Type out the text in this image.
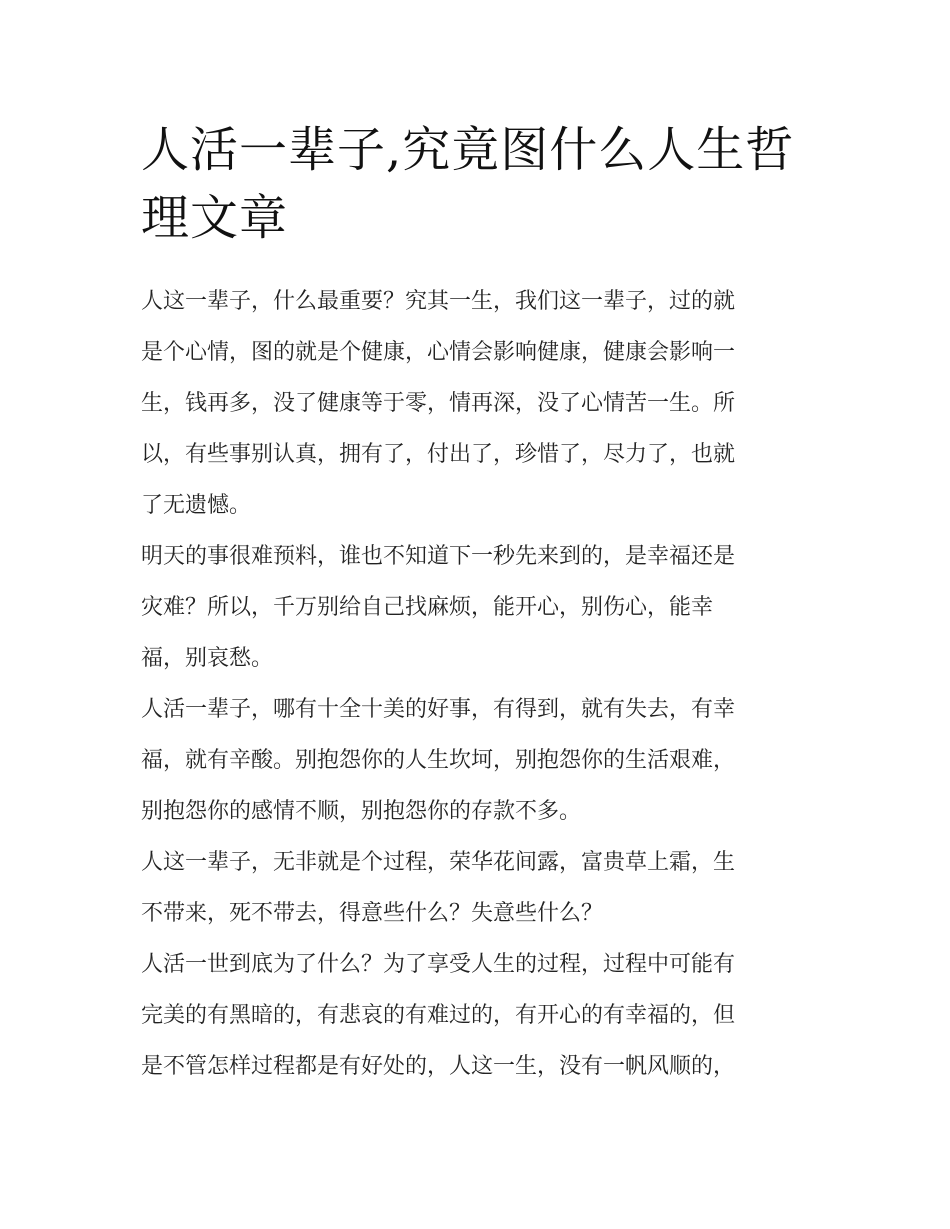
人活一辈子,究竟图什么人生哲
理文章

人这一辈子，什么最重要？究其一生，我们这一辈子，过的就
是个心情，图的就是个健康，心情会影响健康，健康会影响一
生，钱再多，没了健康等于零，情再深，没了心情苦一生。所
以，有些事别认真，拥有了，付出了，珍惜了，尽力了，也就
了无遗憾。

明天的事很难预料，谁也不知道下一秒先来到的，是幸福还是
灾难？所以，千万别给自己找麻烦，能开心，别伤心，能幸
福，别哀愁。

人活一辈子，哪有十全十美的好事，有得到，就有失去，有幸
福，就有辛酸。别抱怨你的人生坎坷，别抱怨你的生活艰难，
别抱怨你的感情不顺，别抱怨你的存款不多。

人这一辈子，无非就是个过程，荣华花间露，富贵草上霜，生
不带来，死不带去，得意些什么？失意些什么？

人活一世到底为了什么？为了享受人生的过程，过程中可能有
完美的有黑暗的，有悲哀的有难过的，有开心的有幸福的，但
是不管怎样过程都是有好处的，人这一生，没有一帆风顺的，
